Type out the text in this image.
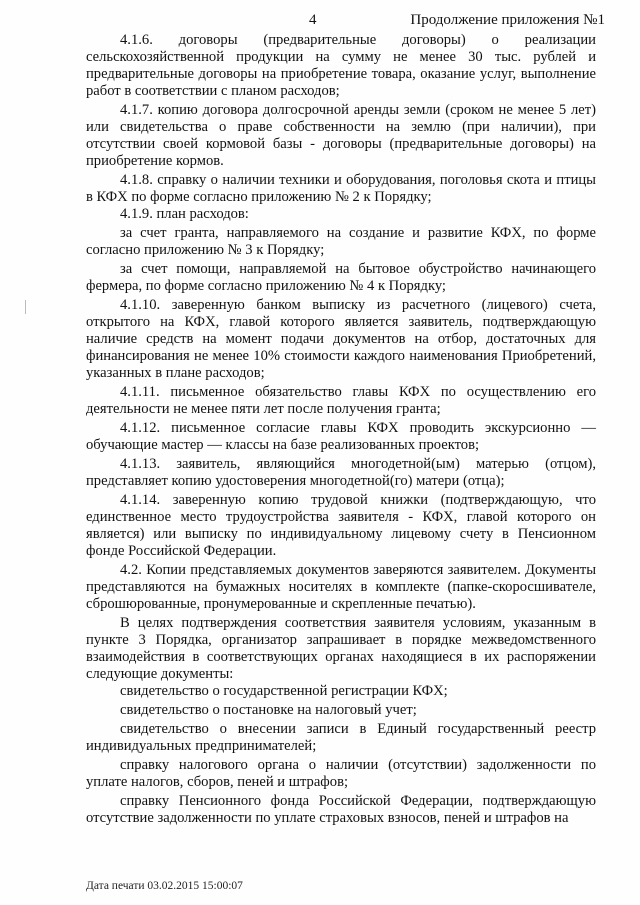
4	Продолжение приложения №1

4.1.6. договоры (предварительные договоры) о реализации сельскохозяйственной продукции на сумму не менее 30 тыс. рублей и предварительные договоры на приобретение товара, оказание услуг, выполнение работ в соответствии с планом расходов;

4.1.7. копию договора долгосрочной аренды земли (сроком не менее 5 лет) или свидетельства о праве собственности на землю (при наличии), при отсутствии своей кормовой базы - договоры (предварительные договоры) на приобретение кормов.

4.1.8. справку о наличии техники и оборудования, поголовья скота и птицы в КФХ по форме согласно приложению № 2 к Порядку;

4.1.9. план расходов:

за счет гранта, направляемого на создание и развитие КФХ, по форме согласно приложению № 3 к Порядку;

за счет помощи, направляемой на бытовое обустройство начинающего фермера, по форме согласно приложению № 4 к Порядку;

4.1.10. заверенную банком выписку из расчетного (лицевого) счета, открытого на КФХ, главой которого является заявитель, подтверждающую наличие средств на момент подачи документов на отбор, достаточных для финансирования не менее 10% стоимости каждого наименования Приобретений, указанных в плане расходов;

4.1.11. письменное обязательство главы КФХ по осуществлению его деятельности не менее пяти лет после получения гранта;

4.1.12. письменное согласие главы КФХ проводить экскурсионно — обучающие мастер — классы на базе реализованных проектов;

4.1.13. заявитель, являющийся многодетной(ым) матерью (отцом), представляет копию удостоверения многодетной(го) матери (отца);

4.1.14. заверенную копию трудовой книжки (подтверждающую, что единственное место трудоустройства заявителя - КФХ, главой которого он является) или выписку по индивидуальному лицевому счету в Пенсионном фонде Российской Федерации.

4.2. Копии представляемых документов заверяются заявителем. Документы представляются на бумажных носителях в комплекте (папке-скоросшивателе, сброшюрованные, пронумерованные и скрепленные печатью).

В целях подтверждения соответствия заявителя условиям, указанным в пункте 3 Порядка, организатор запрашивает в порядке межведомственного взаимодействия в соответствующих органах находящиеся в их распоряжении следующие документы:

свидетельство о государственной регистрации КФХ;

свидетельство о постановке на налоговый учет;

свидетельство о внесении записи в Единый государственный реестр индивидуальных предпринимателей;

справку налогового органа о наличии (отсутствии) задолженности по уплате налогов, сборов, пеней и штрафов;

справку Пенсионного фонда Российской Федерации, подтверждающую отсутствие задолженности по уплате страховых взносов, пеней и штрафов на

Дата печати 03.02.2015 15:00:07
